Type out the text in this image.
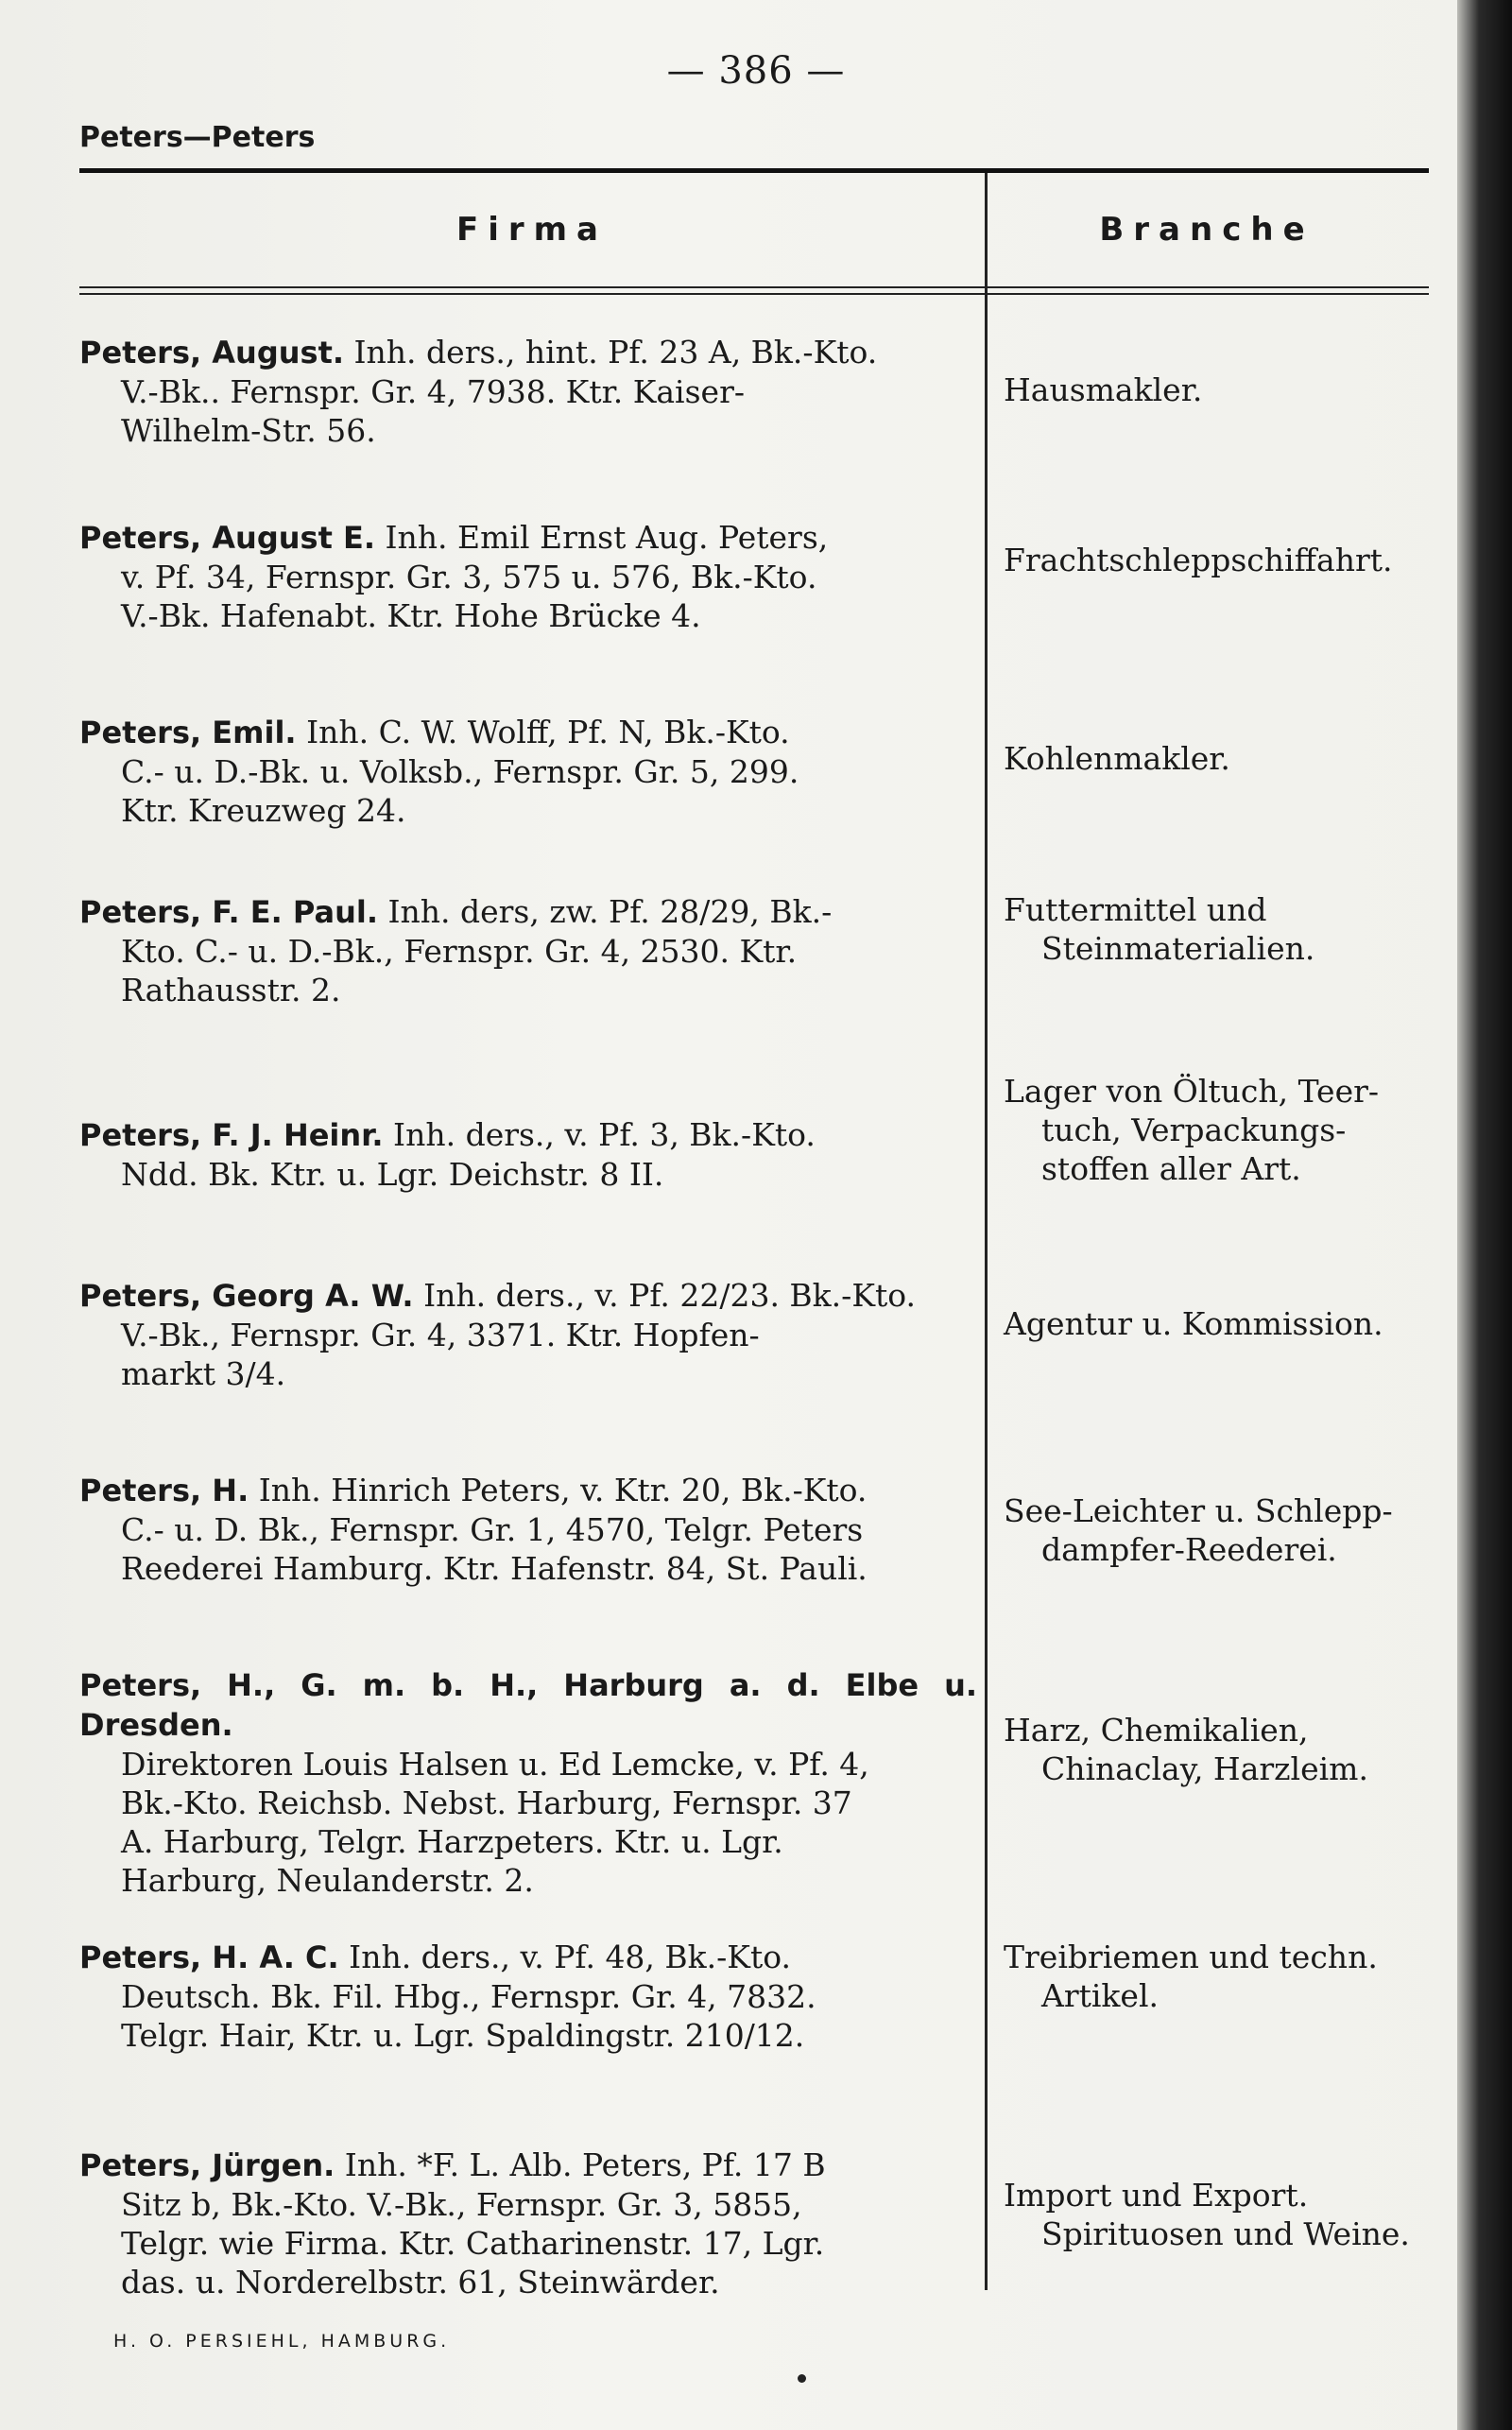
— 386 —
Peters—Peters
Firma	Branche
Peters, August. Inh. ders., hint. Pf. 23 A, Bk.-Kto.
V.-Bk.. Fernspr. Gr. 4, 7938. Ktr. Kaiser-
Wilhelm-Str. 56.
Hausmakler.
Peters, August E. Inh. Emil Ernst Aug. Peters,
v. Pf. 34, Fernspr. Gr. 3, 575 u. 576, Bk.-Kto.
V.-Bk. Hafenabt. Ktr. Hohe Brücke 4.
Frachtschleppschiffahrt.
Peters, Emil. Inh. C. W. Wolff, Pf. N, Bk.-Kto.
C.- u. D.-Bk. u. Volksb., Fernspr. Gr. 5, 299.
Ktr. Kreuzweg 24.
Kohlenmakler.
Peters, F. E. Paul. Inh. ders, zw. Pf. 28/29, Bk.-
Kto. C.- u. D.-Bk., Fernspr. Gr. 4, 2530. Ktr.
Rathausstr. 2.
Futtermittel und
Steinmaterialien.
Peters, F. J. Heinr. Inh. ders., v. Pf. 3, Bk.-Kto.
Ndd. Bk. Ktr. u. Lgr. Deichstr. 8 II.
Lager von Öltuch, Teer-
tuch, Verpackungs-
stoffen aller Art.
Peters, Georg A. W. Inh. ders., v. Pf. 22/23. Bk.-Kto.
V.-Bk., Fernspr. Gr. 4, 3371. Ktr. Hopfen-
markt 3/4.
Agentur u. Kommission.
Peters, H. Inh. Hinrich Peters, v. Ktr. 20, Bk.-Kto.
C.- u. D. Bk., Fernspr. Gr. 1, 4570, Telgr. Peters
Reederei Hamburg. Ktr. Hafenstr. 84, St. Pauli.
See-Leichter u. Schlepp-
dampfer-Reederei.
Peters, H., G. m. b. H., Harburg a. d. Elbe u. Dresden.
Direktoren Louis Halsen u. Ed Lemcke, v. Pf. 4,
Bk.-Kto. Reichsb. Nebst. Harburg, Fernspr. 37
A. Harburg, Telgr. Harzpeters. Ktr. u. Lgr.
Harburg, Neulanderstr. 2.
Harz, Chemikalien,
Chinaclay, Harzleim.
Peters, H. A. C. Inh. ders., v. Pf. 48, Bk.-Kto.
Deutsch. Bk. Fil. Hbg., Fernspr. Gr. 4, 7832.
Telgr. Hair, Ktr. u. Lgr. Spaldingstr. 210/12.
Treibriemen und techn.
Artikel.
Peters, Jürgen. Inh. *F. L. Alb. Peters, Pf. 17 B
Sitz b, Bk.-Kto. V.-Bk., Fernspr. Gr. 3, 5855,
Telgr. wie Firma. Ktr. Catharinenstr. 17, Lgr.
das. u. Norderelbstr. 61, Steinwärder.
Import und Export.
Spirituosen und Weine.
H. O. PERSIEHL, HAMBURG.
